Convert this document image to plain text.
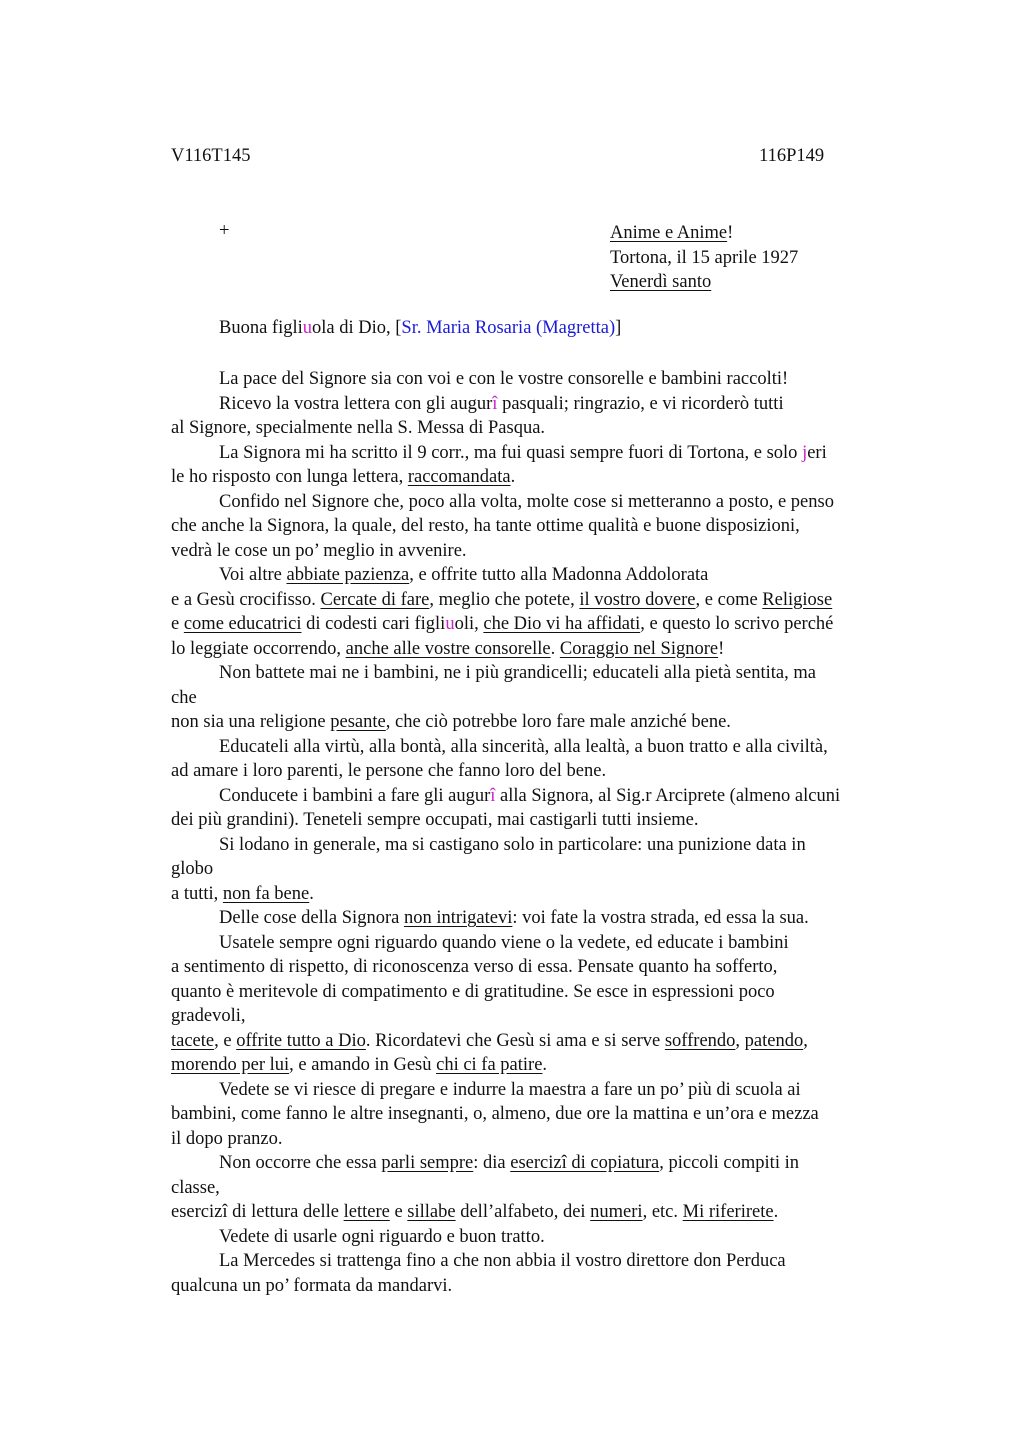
V116T145	116P149
+	Anime e Anime!
Tortona, il 15 aprile 1927
Venerdì santo
Buona figliuola di Dio, [Sr. Maria Rosaria (Magretta)]
La pace del Signore sia con voi e con le vostre consorelle e bambini raccolti!
Ricevo la vostra lettera con gli augurî pasquali; ringrazio, e vi ricorderò tutti
al Signore, specialmente nella S. Messa di Pasqua.
La Signora mi ha scritto il 9 corr., ma fui quasi sempre fuori di Tortona, e solo jeri
le ho risposto con lunga lettera, raccomandata.
Confido nel Signore che, poco alla volta, molte cose si metteranno a posto, e penso
che anche la Signora, la quale, del resto, ha tante ottime qualità e buone disposizioni,
vedrà le cose un po’ meglio in avvenire.
Voi altre abbiate pazienza, e offrite tutto alla Madonna Addolorata
e a Gesù crocifisso. Cercate di fare, meglio che potete, il vostro dovere, e come Religiose
e come educatrici di codesti cari figliuoli, che Dio vi ha affidati, e questo lo scrivo perché
lo leggiate occorrendo, anche alle vostre consorelle. Coraggio nel Signore!
Non battete mai ne i bambini, ne i più grandicelli; educateli alla pietà sentita, ma
che
non sia una religione pesante, che ciò potrebbe loro fare male anziché bene.
Educateli alla virtù, alla bontà, alla sincerità, alla lealtà, a buon tratto e alla civiltà,
ad amare i loro parenti, le persone che fanno loro del bene.
Conducete i bambini a fare gli augurî alla Signora, al Sig.r Arciprete (almeno alcuni
dei più grandini). Teneteli sempre occupati, mai castigarli tutti insieme.
Si lodano in generale, ma si castigano solo in particolare: una punizione data in
globo
a tutti, non fa bene.
Delle cose della Signora non intrigatevi: voi fate la vostra strada, ed essa la sua.
Usatele sempre ogni riguardo quando viene o la vedete, ed educate i bambini
a sentimento di rispetto, di riconoscenza verso di essa. Pensate quanto ha sofferto,
quanto è meritevole di compatimento e di gratitudine. Se esce in espressioni poco
gradevoli,
tacete, e offrite tutto a Dio. Ricordatevi che Gesù si ama e si serve soffrendo, patendo,
morendo per lui, e amando in Gesù chi ci fa patire.
Vedete se vi riesce di pregare e indurre la maestra a fare un po’ più di scuola ai
bambini, come fanno le altre insegnanti, o, almeno, due ore la mattina e un’ora e mezza
il dopo pranzo.
Non occorre che essa parli sempre: dia esercizî di copiatura, piccoli compiti in
classe,
esercizi di lettura delle lettere e sillabe dell’alfabeto, dei numeri, etc. Mi riferirete.
Vedete di usarle ogni riguardo e buon tratto.
La Mercedes si trattenga fino a che non abbia il vostro direttore don Perduca
qualcuna un po’ formata da mandarvi.
